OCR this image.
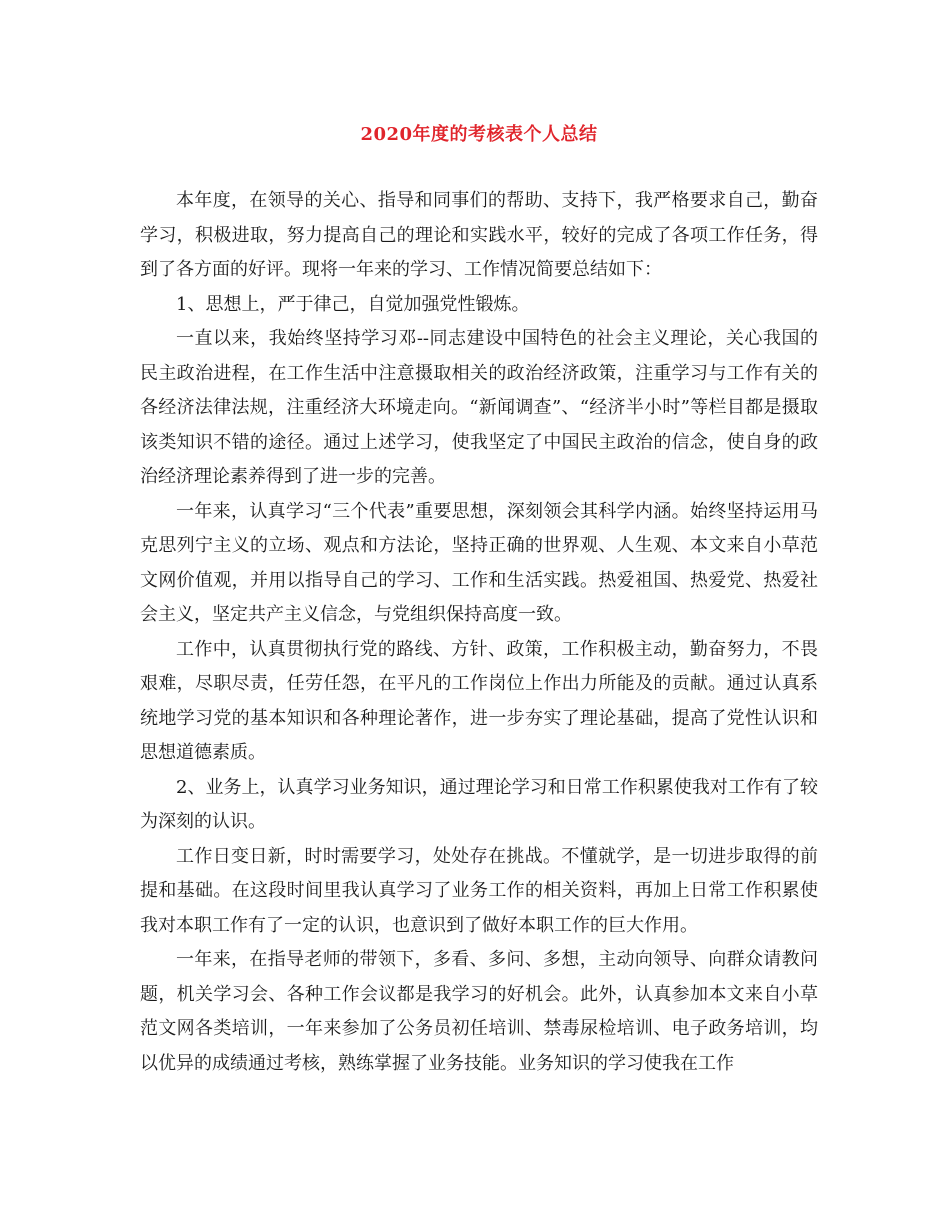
2020年度的考核表个人总结

本年度，在领导的关心、指导和同事们的帮助、支持下，我严格要求自己，勤奋学习，积极进取，努力提高自己的理论和实践水平，较好的完成了各项工作任务，得到了各方面的好评。现将一年来的学习、工作情况简要总结如下：

1、思想上，严于律己，自觉加强党性锻炼。

一直以来，我始终坚持学习邓--同志建设中国特色的社会主义理论，关心我国的民主政治进程，在工作生活中注意摄取相关的政治经济政策，注重学习与工作有关的各经济法律法规，注重经济大环境走向。“新闻调查”、“经济半小时”等栏目都是摄取该类知识不错的途径。通过上述学习，使我坚定了中国民主政治的信念，使自身的政治经济理论素养得到了进一步的完善。

一年来，认真学习“三个代表”重要思想，深刻领会其科学内涵。始终坚持运用马克思列宁主义的立场、观点和方法论，坚持正确的世界观、人生观、本文来自小草范文网价值观，并用以指导自己的学习、工作和生活实践。热爱祖国、热爱党、热爱社会主义，坚定共产主义信念，与党组织保持高度一致。

工作中，认真贯彻执行党的路线、方针、政策，工作积极主动，勤奋努力，不畏艰难，尽职尽责，任劳任怨，在平凡的工作岗位上作出力所能及的贡献。通过认真系统地学习党的基本知识和各种理论著作，进一步夯实了理论基础，提高了党性认识和思想道德素质。

2、业务上，认真学习业务知识，通过理论学习和日常工作积累使我对工作有了较为深刻的认识。

工作日变日新，时时需要学习，处处存在挑战。不懂就学，是一切进步取得的前提和基础。在这段时间里我认真学习了业务工作的相关资料，再加上日常工作积累使我对本职工作有了一定的认识，也意识到了做好本职工作的巨大作用。

一年来，在指导老师的带领下，多看、多问、多想，主动向领导、向群众请教问题，机关学习会、各种工作会议都是我学习的好机会。此外，认真参加本文来自小草范文网各类培训，一年来参加了公务员初任培训、禁毒尿检培训、电子政务培训，均以优异的成绩通过考核，熟练掌握了业务技能。业务知识的学习使我在工作
